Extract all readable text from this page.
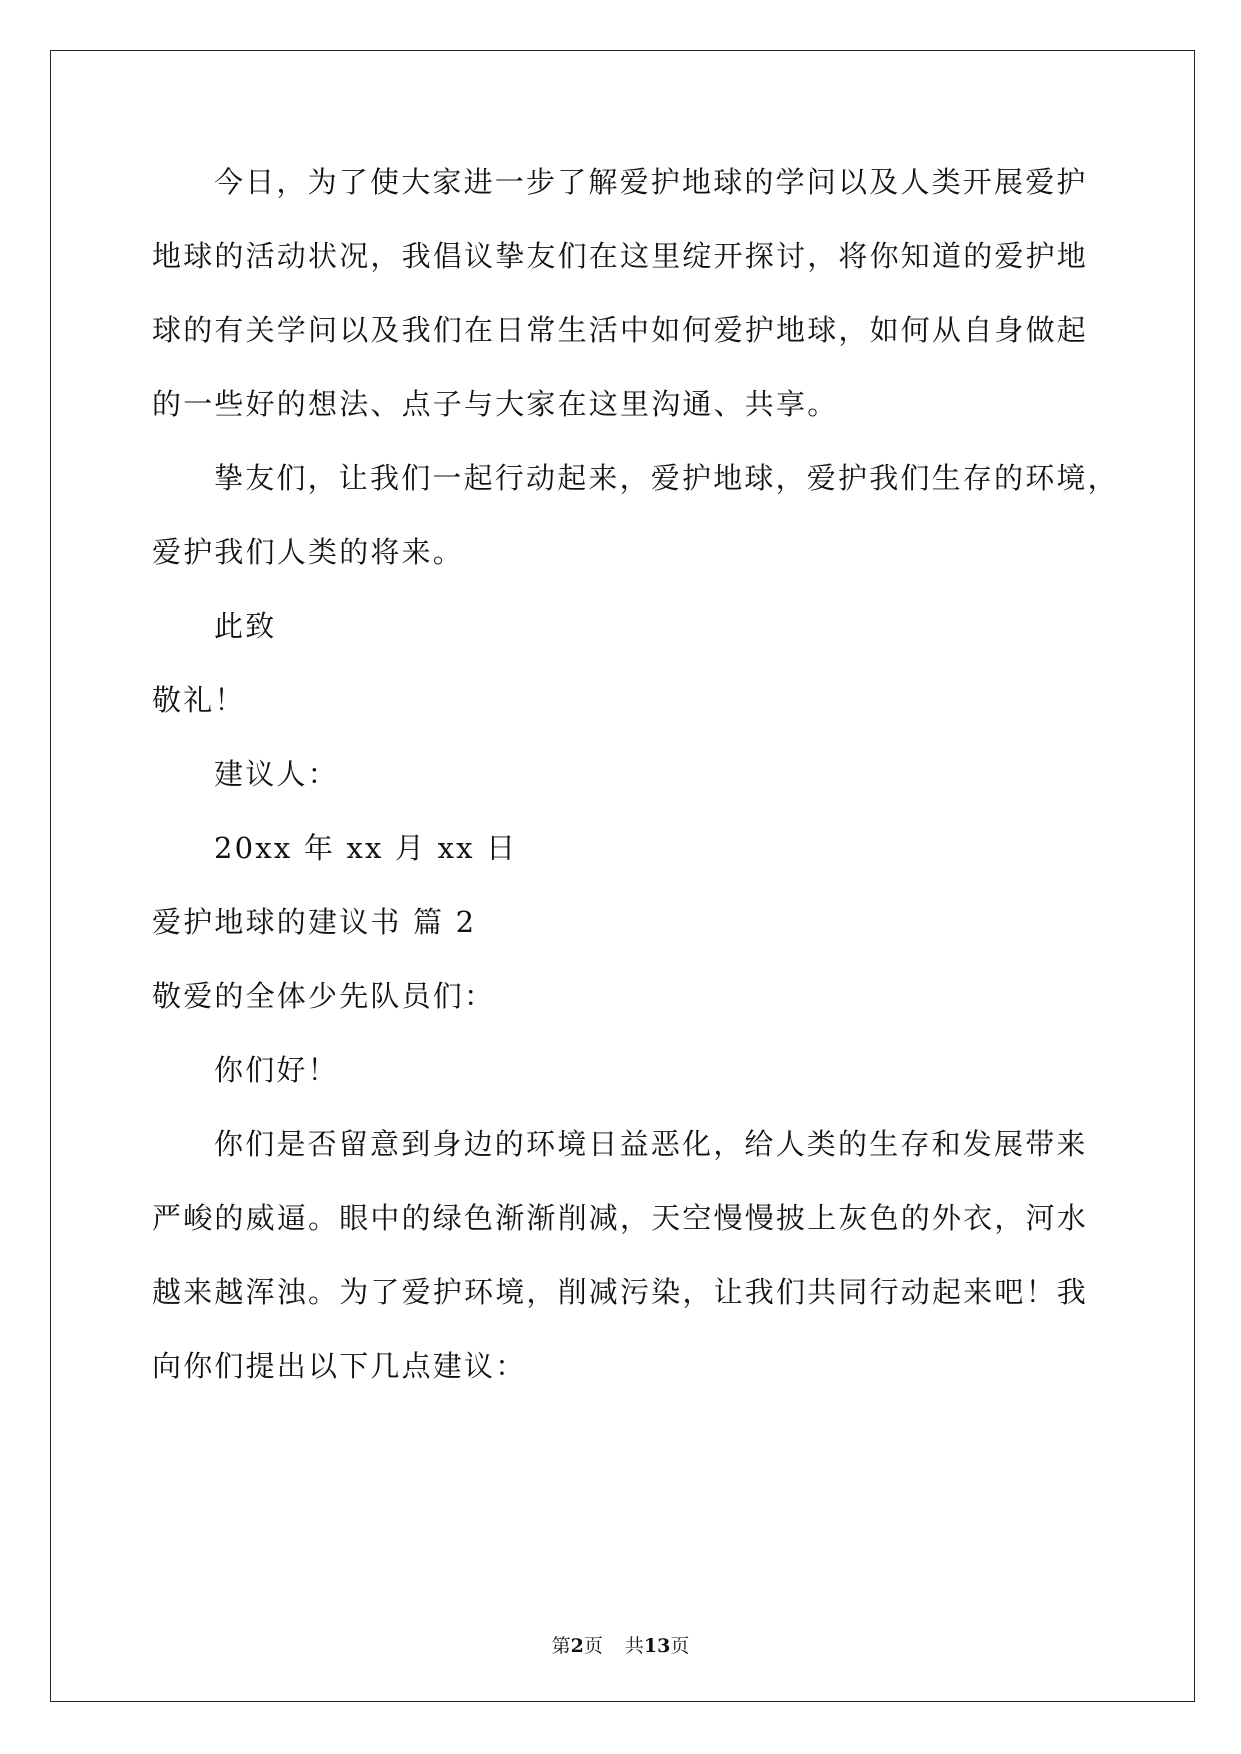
今日，为了使大家进一步了解爱护地球的学问以及人类开展爱护
地球的活动状况，我倡议挚友们在这里绽开探讨，将你知道的爱护地
球的有关学问以及我们在日常生活中如何爱护地球，如何从自身做起
的一些好的想法、点子与大家在这里沟通、共享。
挚友们，让我们一起行动起来，爱护地球，爱护我们生存的环境，
爱护我们人类的将来。
此致
敬礼！
建议人：
20xx 年 xx 月 xx 日
爱护地球的建议书 篇 2
敬爱的全体少先队员们：
你们好！
你们是否留意到身边的环境日益恶化，给人类的生存和发展带来
严峻的威逼。眼中的绿色渐渐削减，天空慢慢披上灰色的外衣，河水
越来越浑浊。为了爱护环境，削减污染，让我们共同行动起来吧！我
向你们提出以下几点建议：
第2页 共13页
